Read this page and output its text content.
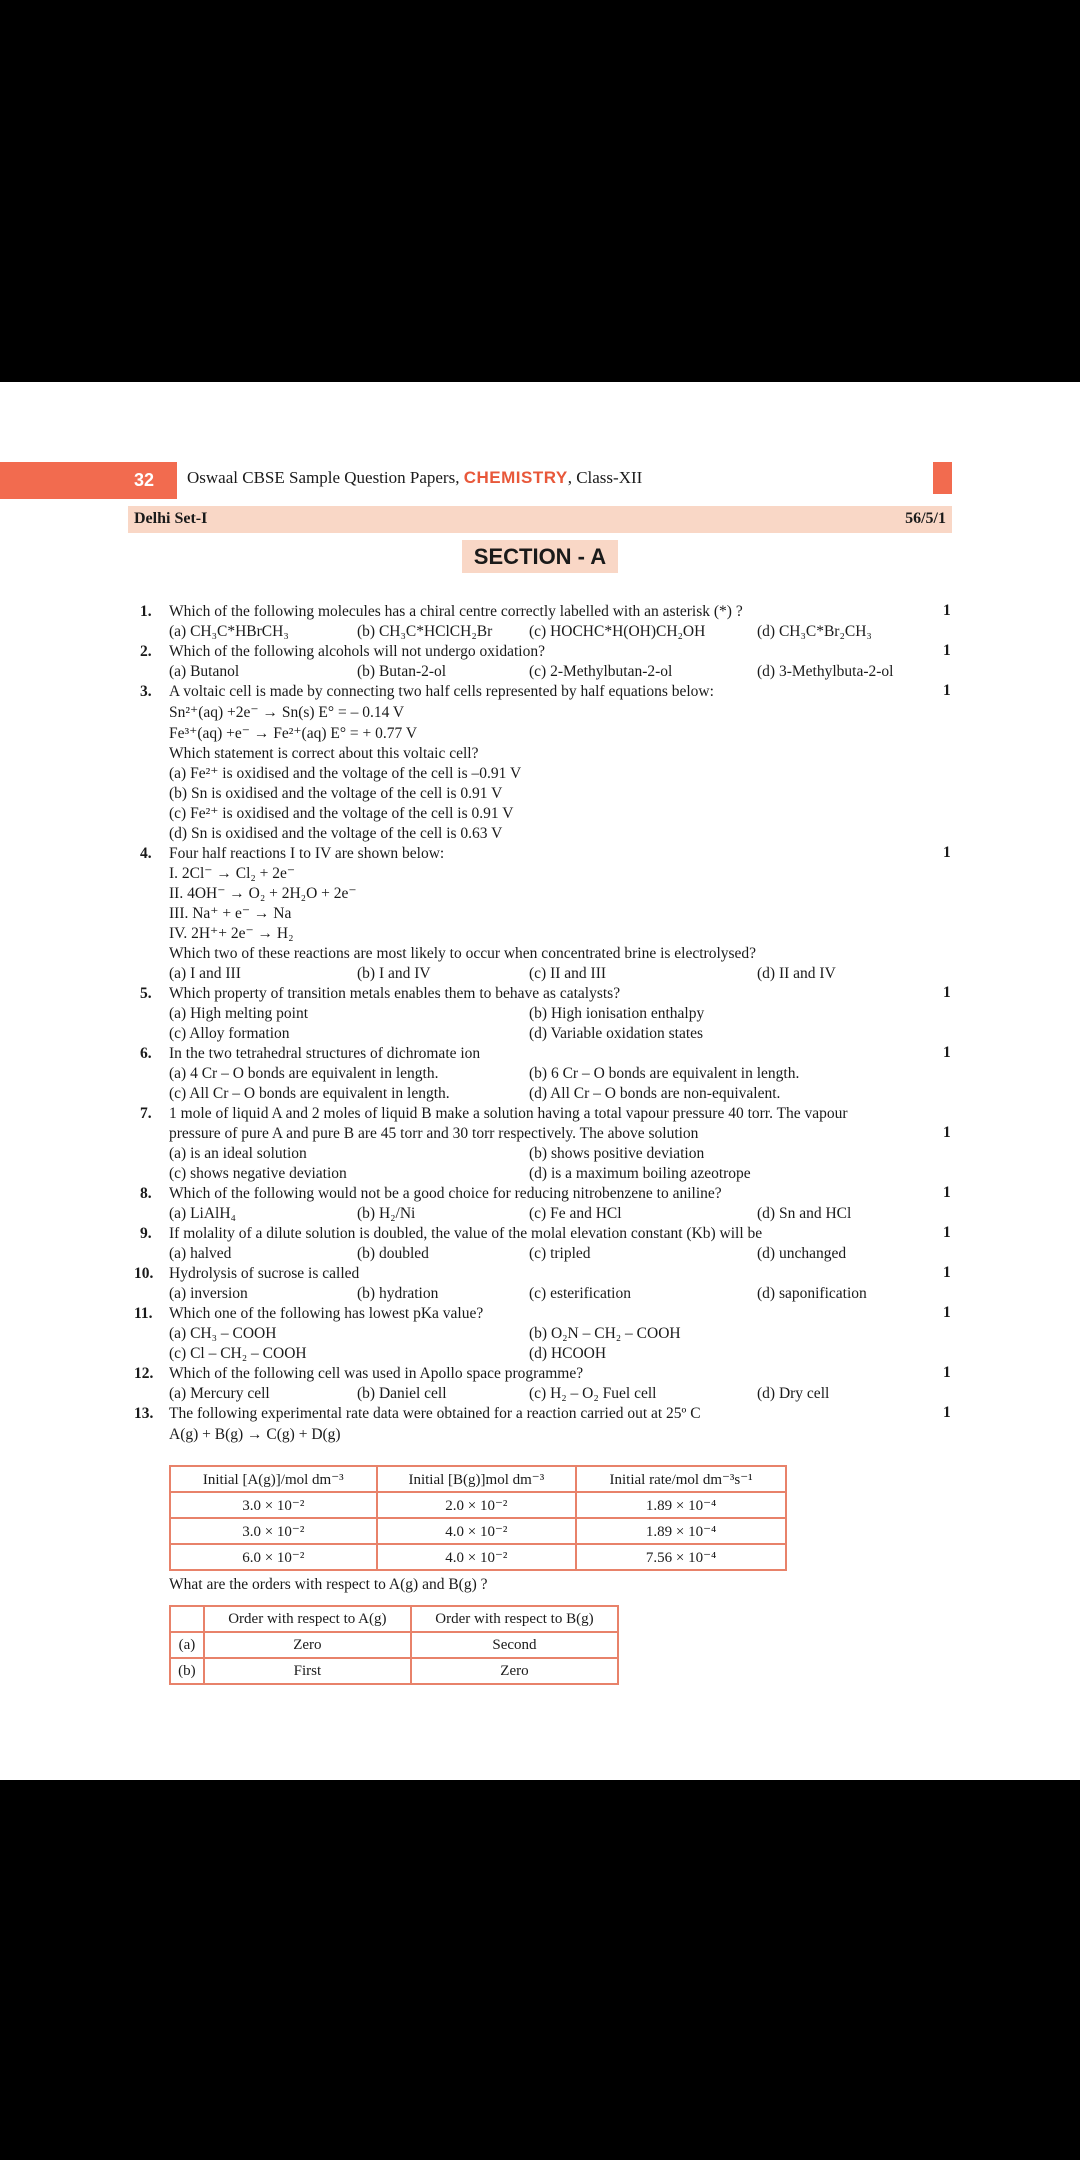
32 Oswaal CBSE Sample Question Papers, CHEMISTRY, Class-XII
Delhi Set-I	56/5/1
SECTION - A
1. Which of the following molecules has a chiral centre correctly labelled with an asterisk (*) ?	1
(a) CH₃C*HBrCH₃	(b) CH₃C*HClCH₂Br (c) HOCHC*H(OH)CH₂OH	(d) CH₃C*Br₂CH₃
2. Which of the following alcohols will not undergo oxidation?	1
(a) Butanol	(b) Butan-2-ol	(c) 2-Methylbutan-2-ol	(d) 3-Methylbuta-2-ol
3. A voltaic cell is made by connecting two half cells represented by half equations below:	1
Sn²⁺(aq) +2e⁻ → Sn(s) E° = – 0.14 V
Fe³⁺(aq) +e⁻ → Fe²⁺(aq) E° = + 0.77 V
Which statement is correct about this voltaic cell?
(a) Fe²⁺ is oxidised and the voltage of the cell is –0.91 V
(b) Sn is oxidised and the voltage of the cell is 0.91 V
(c) Fe²⁺ is oxidised and the voltage of the cell is 0.91 V
(d) Sn is oxidised and the voltage of the cell is 0.63 V
4. Four half reactions I to IV are shown below:	1
I. 2Cl⁻ → Cl₂ + 2e⁻
II. 4OH⁻ → O₂ + 2H₂O + 2e⁻
III. Na⁺ + e⁻ → Na
IV. 2H⁺+ 2e⁻ → H₂
Which two of these reactions are most likely to occur when concentrated brine is electrolysed?
(a) I and III	(b) I and IV	(c) II and III	(d) II and IV
5. Which property of transition metals enables them to behave as catalysts?	1
(a) High melting point	(b) High ionisation enthalpy
(c) Alloy formation	(d) Variable oxidation states
6. In the two tetrahedral structures of dichromate ion	1
(a) 4 Cr – O bonds are equivalent in length.	(b) 6 Cr – O bonds are equivalent in length.
(c) All Cr – O bonds are equivalent in length.	(d) All Cr – O bonds are non-equivalent.
7. 1 mole of liquid A and 2 moles of liquid B make a solution having a total vapour pressure 40 torr. The vapour
pressure of pure A and pure B are 45 torr and 30 torr respectively. The above solution	1
(a) is an ideal solution	(b) shows positive deviation
(c) shows negative deviation	(d) is a maximum boiling azeotrope
8. Which of the following would not be a good choice for reducing nitrobenzene to aniline?	1
(a) LiAlH₄	(b) H₂/Ni	(c) Fe and HCl	(d) Sn and HCl
9. If molality of a dilute solution is doubled, the value of the molal elevation constant (Kb) will be	1
(a) halved	(b) doubled	(c) tripled	(d) unchanged
10. Hydrolysis of sucrose is called	1
(a) inversion	(b) hydration	(c) esterification	(d) saponification
11. Which one of the following has lowest pKa value?	1
(a) CH₃ – COOH	(b) O₂N – CH₂ – COOH
(c) Cl – CH₂ – COOH	(d) HCOOH
12. Which of the following cell was used in Apollo space programme?	1
(a) Mercury cell	(b) Daniel cell	(c) H₂ – O₂ Fuel cell	(d) Dry cell
13. The following experimental rate data were obtained for a reaction carried out at 25º C	1
A(g) + B(g) → C(g) + D(g)
Initial [A(g)]/mol dm⁻³	Initial [B(g)]mol dm⁻³	Initial rate/mol dm⁻³s⁻¹
3.0 × 10⁻²	2.0 × 10⁻²	1.89 × 10⁻⁴
3.0 × 10⁻²	4.0 × 10⁻²	1.89 × 10⁻⁴
6.0 × 10⁻²	4.0 × 10⁻²	7.56 × 10⁻⁴
What are the orders with respect to A(g) and B(g) ?
	Order with respect to A(g)	Order with respect to B(g)
(a)	Zero	Second
(b)	First	Zero
